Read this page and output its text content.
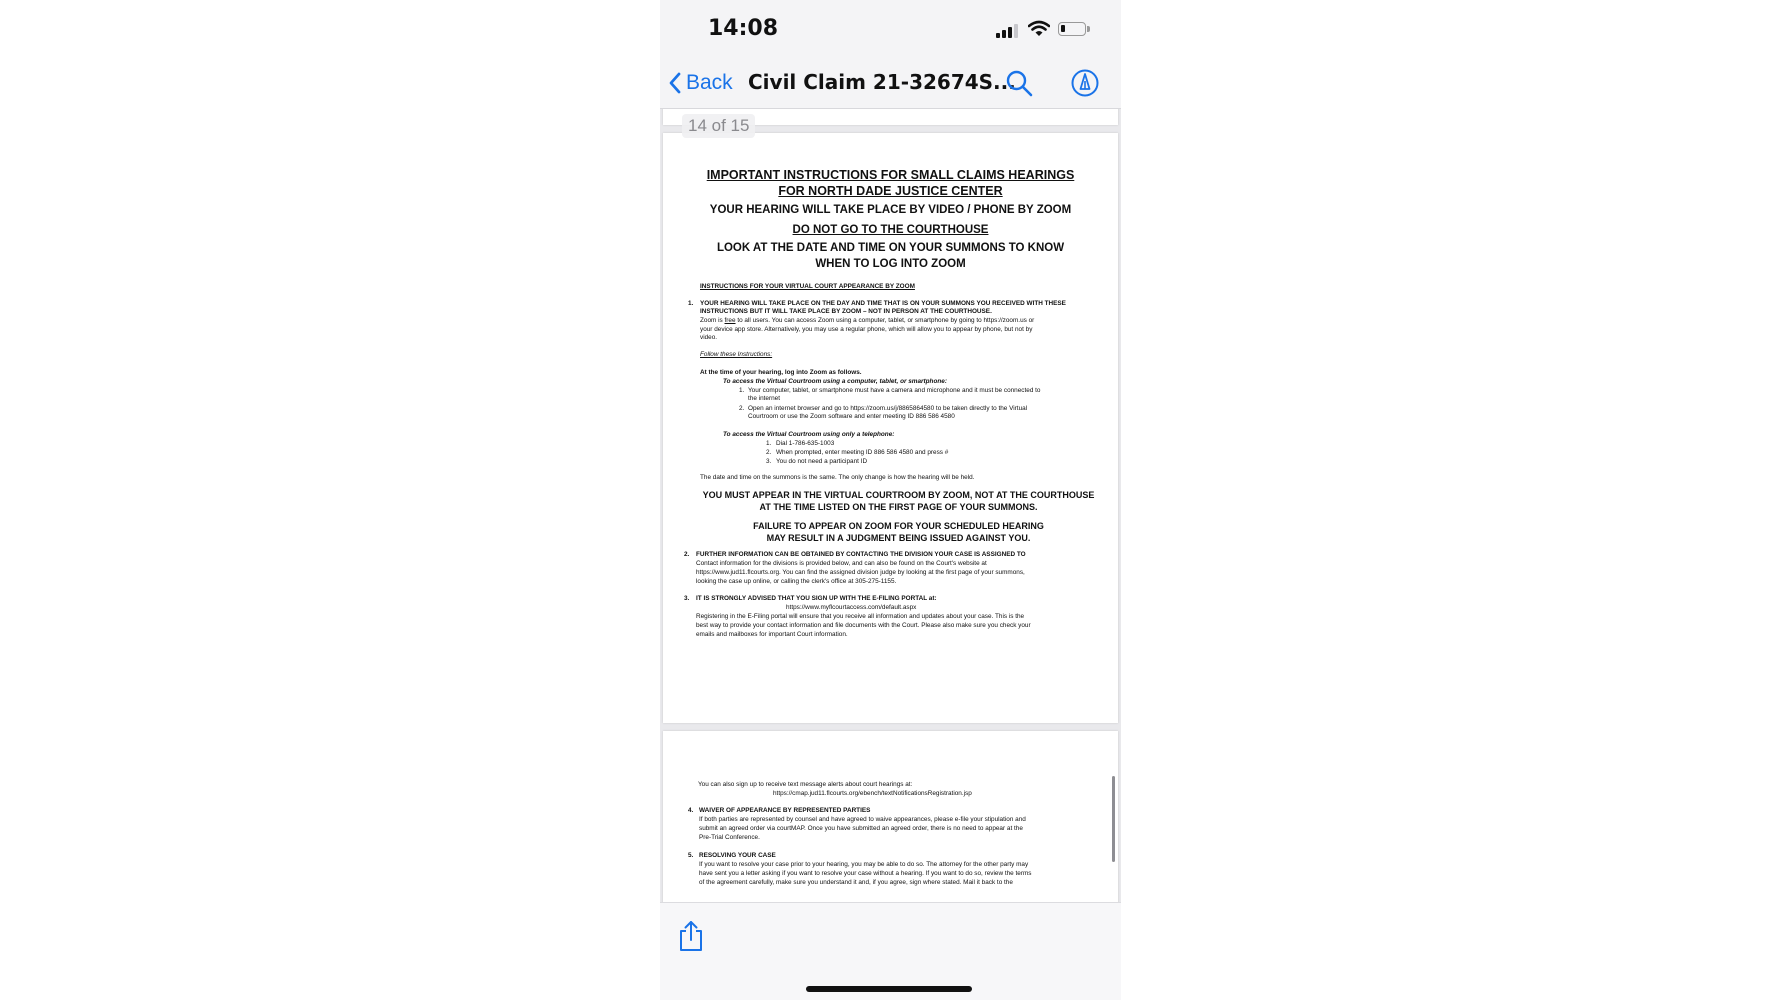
14:08
Back Civil Claim 21-32674S...
IMPORTANT INSTRUCTIONS FOR SMALL CLAIMS HEARINGS
FOR NORTH DADE JUSTICE CENTER
YOUR HEARING WILL TAKE PLACE BY VIDEO / PHONE BY ZOOM
DO NOT GO TO THE COURTHOUSE
LOOK AT THE DATE AND TIME ON YOUR SUMMONS TO KNOW
WHEN TO LOG INTO ZOOM
INSTRUCTIONS FOR YOUR VIRTUAL COURT APPEARANCE BY ZOOM
1. YOUR HEARING WILL TAKE PLACE ON THE DAY AND TIME THAT IS ON YOUR SUMMONS YOU RECEIVED WITH THESE
INSTRUCTIONS BUT IT WILL TAKE PLACE BY ZOOM – NOT IN PERSON AT THE COURTHOUSE.
Zoom is free to all users. You can access Zoom using a computer, tablet, or smartphone by going to https://zoom.us or
your device app store. Alternatively, you may use a regular phone, which will allow you to appear by phone, but not by
video.
Follow these Instructions:
At the time of your hearing, log into Zoom as follows.
To access the Virtual Courtroom using a computer, tablet, or smartphone:
1. Your computer, tablet, or smartphone must have a camera and microphone and it must be connected to
the internet
2. Open an internet browser and go to https://zoom.us/j/8865864580 to be taken directly to the Virtual
Courtroom or use the Zoom software and enter meeting ID 886 586 4580
To access the Virtual Courtroom using only a telephone:
1. Dial 1-786-635-1003
2. When prompted, enter meeting ID 886 586 4580 and press #
3. You do not need a participant ID
The date and time on the summons is the same. The only change is how the hearing will be held.
YOU MUST APPEAR IN THE VIRTUAL COURTROOM BY ZOOM, NOT AT THE COURTHOUSE
AT THE TIME LISTED ON THE FIRST PAGE OF YOUR SUMMONS.
FAILURE TO APPEAR ON ZOOM FOR YOUR SCHEDULED HEARING
MAY RESULT IN A JUDGMENT BEING ISSUED AGAINST YOU.
2. FURTHER INFORMATION CAN BE OBTAINED BY CONTACTING THE DIVISION YOUR CASE IS ASSIGNED TO
Contact information for the divisions is provided below, and can also be found on the Court's website at
https://www.jud11.flcourts.org. You can find the assigned division judge by looking at the first page of your summons,
looking the case up online, or calling the clerk's office at 305-275-1155.
3. IT IS STRONGLY ADVISED THAT YOU SIGN UP WITH THE E-FILING PORTAL at:
https://www.myflcourtaccess.com/default.aspx
Registering in the E-Filing portal will ensure that you receive all information and updates about your case. This is the
best way to provide your contact information and file documents with the Court. Please also make sure you check your
emails and mailboxes for important Court information.
You can also sign up to receive text message alerts about court hearings at:
https://cmap.jud11.flcourts.org/ebench/textNotificationsRegistration.jsp
4. WAIVER OF APPEARANCE BY REPRESENTED PARTIES
If both parties are represented by counsel and have agreed to waive appearances, please e-file your stipulation and
submit an agreed order via courtMAP. Once you have submitted an agreed order, there is no need to appear at the
Pre-Trial Conference.
5. RESOLVING YOUR CASE
If you want to resolve your case prior to your hearing, you may be able to do so. The attorney for the other party may
have sent you a letter asking if you want to resolve your case without a hearing. If you want to do so, review the terms
of the agreement carefully, make sure you understand it and, if you agree, sign where stated. Mail it back to the
14 of 15
